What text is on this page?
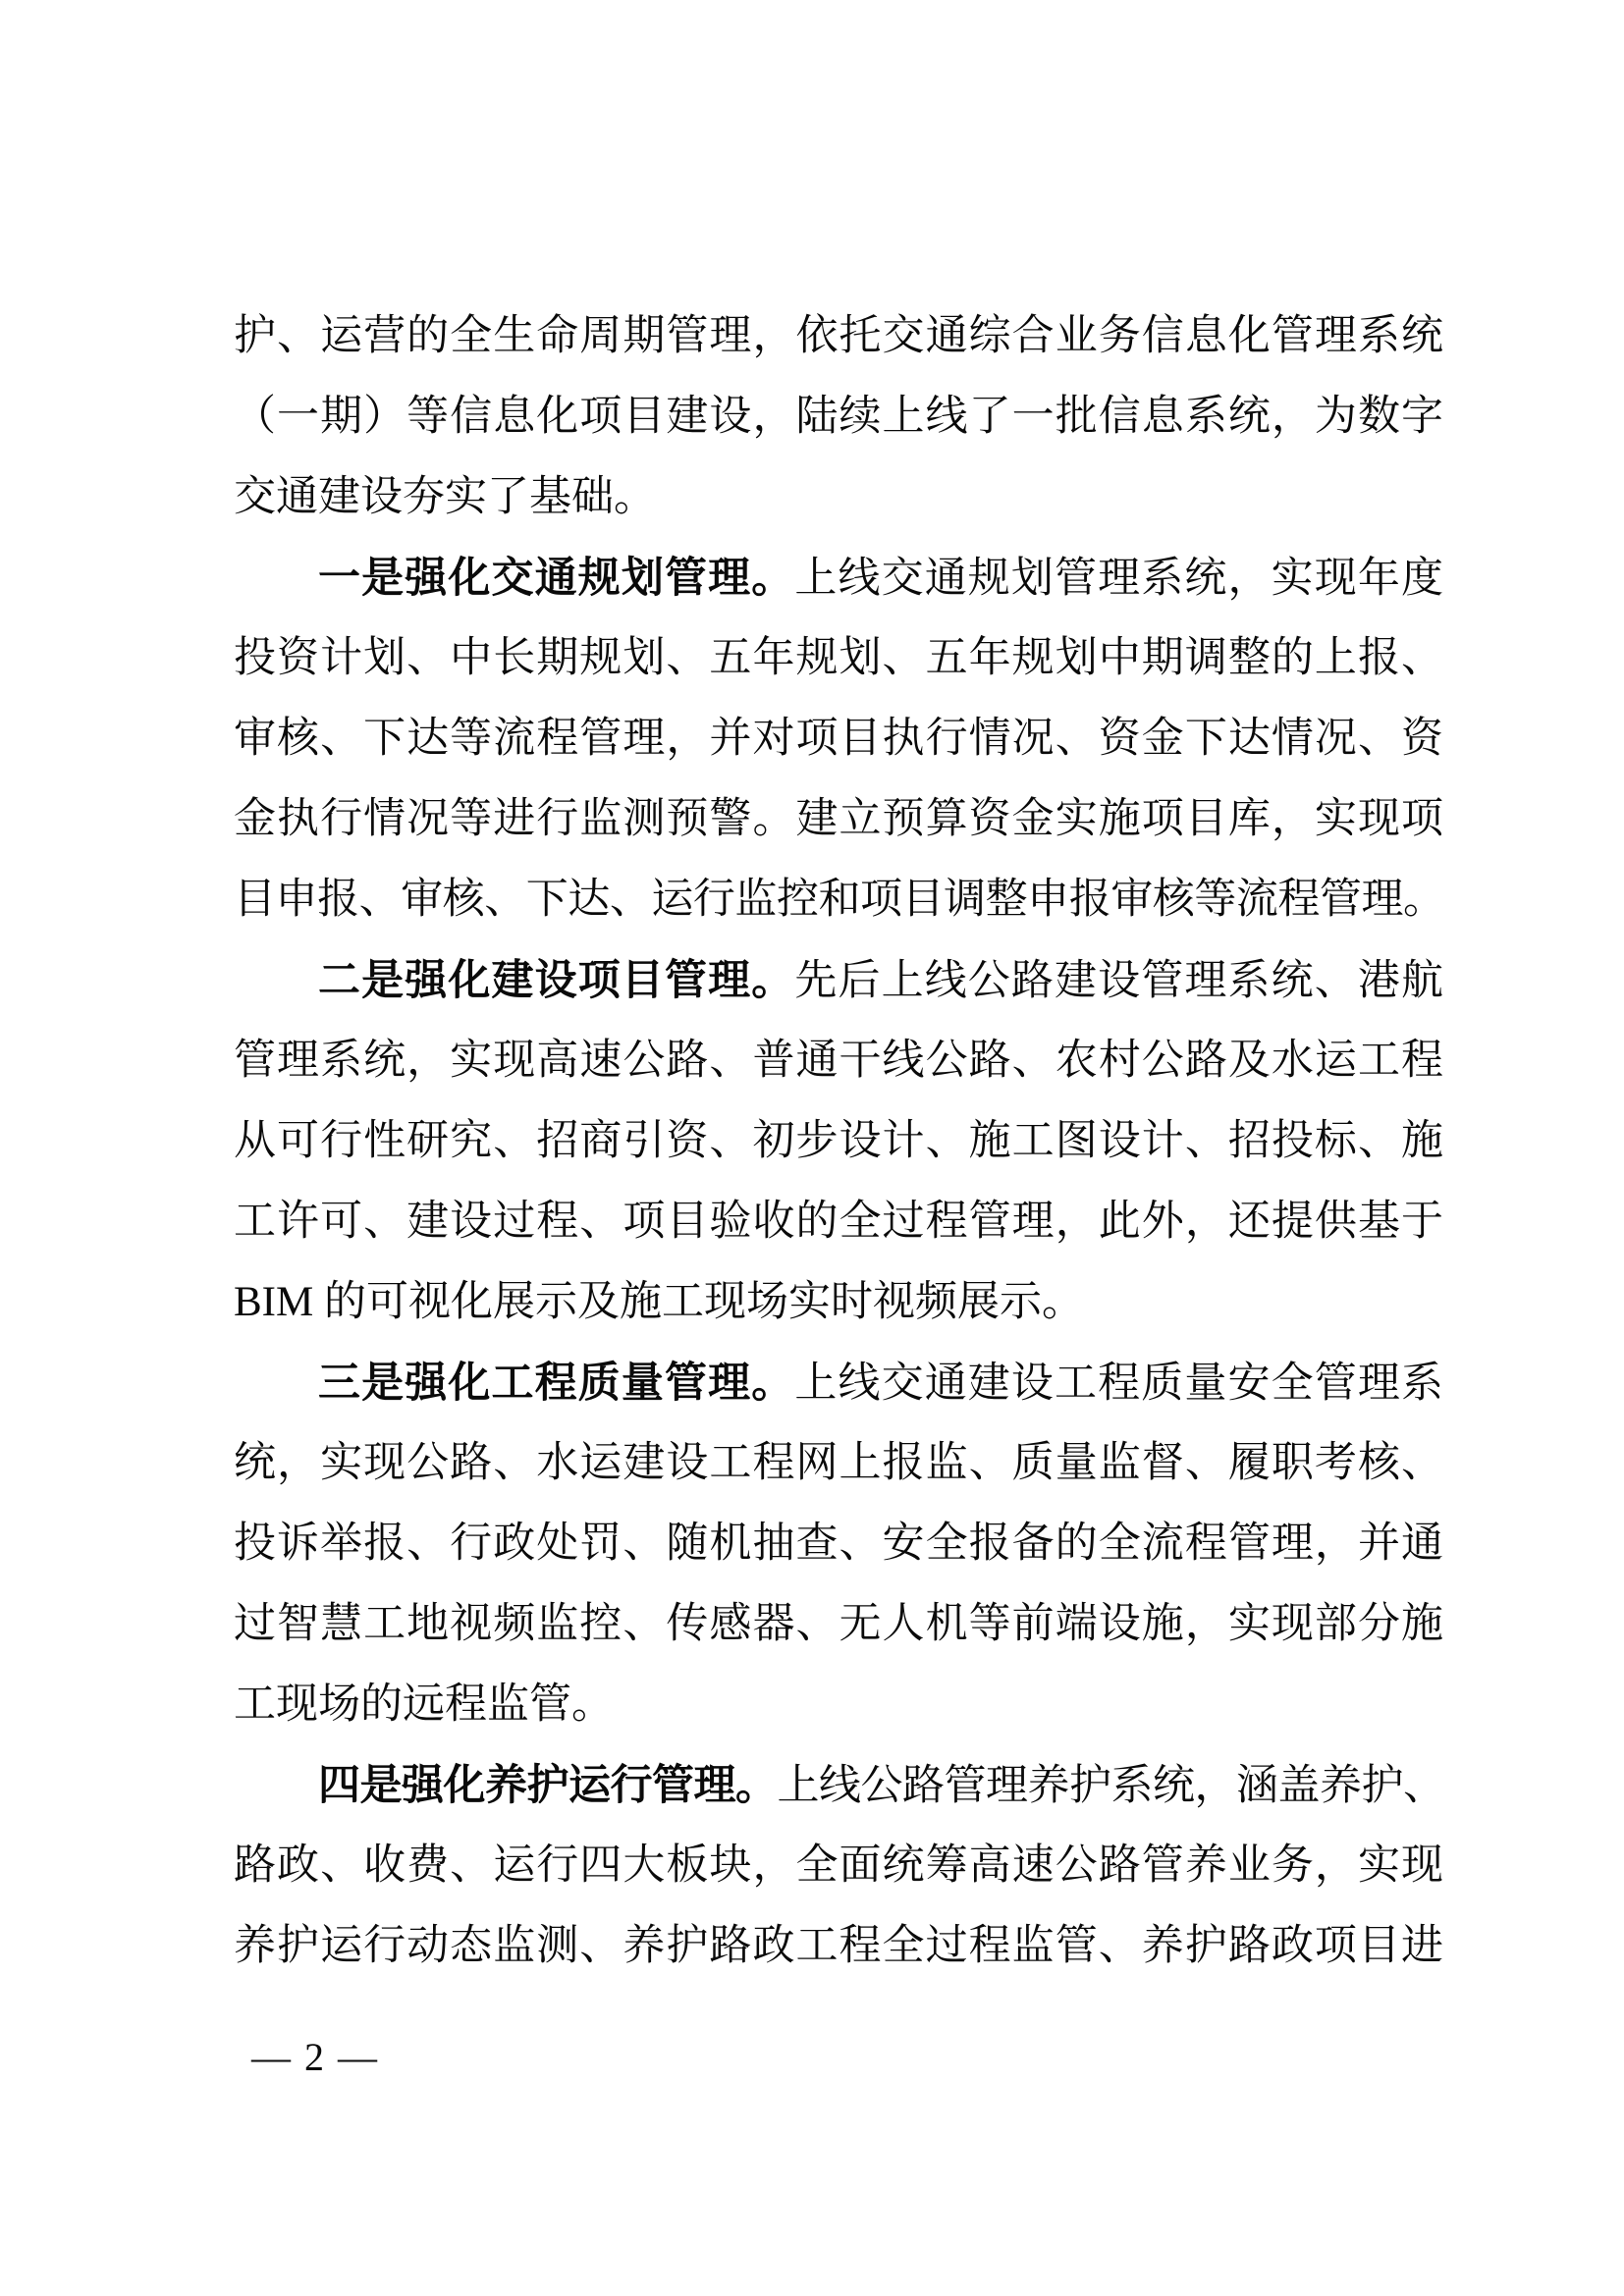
护、运营的全生命周期管理，依托交通综合业务信息化管理系统
（一期）等信息化项目建设，陆续上线了一批信息系统，为数字
交通建设夯实了基础。
一是强化交通规划管理。上线交通规划管理系统，实现年度
投资计划、中长期规划、五年规划、五年规划中期调整的上报、
审核、下达等流程管理，并对项目执行情况、资金下达情况、资
金执行情况等进行监测预警。建立预算资金实施项目库，实现项
目申报、审核、下达、运行监控和项目调整申报审核等流程管理。
二是强化建设项目管理。先后上线公路建设管理系统、港航
管理系统，实现高速公路、普通干线公路、农村公路及水运工程
从可行性研究、招商引资、初步设计、施工图设计、招投标、施
工许可、建设过程、项目验收的全过程管理，此外，还提供基于
BIM 的可视化展示及施工现场实时视频展示。
三是强化工程质量管理。上线交通建设工程质量安全管理系
统，实现公路、水运建设工程网上报监、质量监督、履职考核、
投诉举报、行政处罚、随机抽查、安全报备的全流程管理，并通
过智慧工地视频监控、传感器、无人机等前端设施，实现部分施
工现场的远程监管。
四是强化养护运行管理。上线公路管理养护系统，涵盖养护、
路政、收费、运行四大板块，全面统筹高速公路管养业务，实现
养护运行动态监测、养护路政工程全过程监管、养护路政项目进
— 2 —
